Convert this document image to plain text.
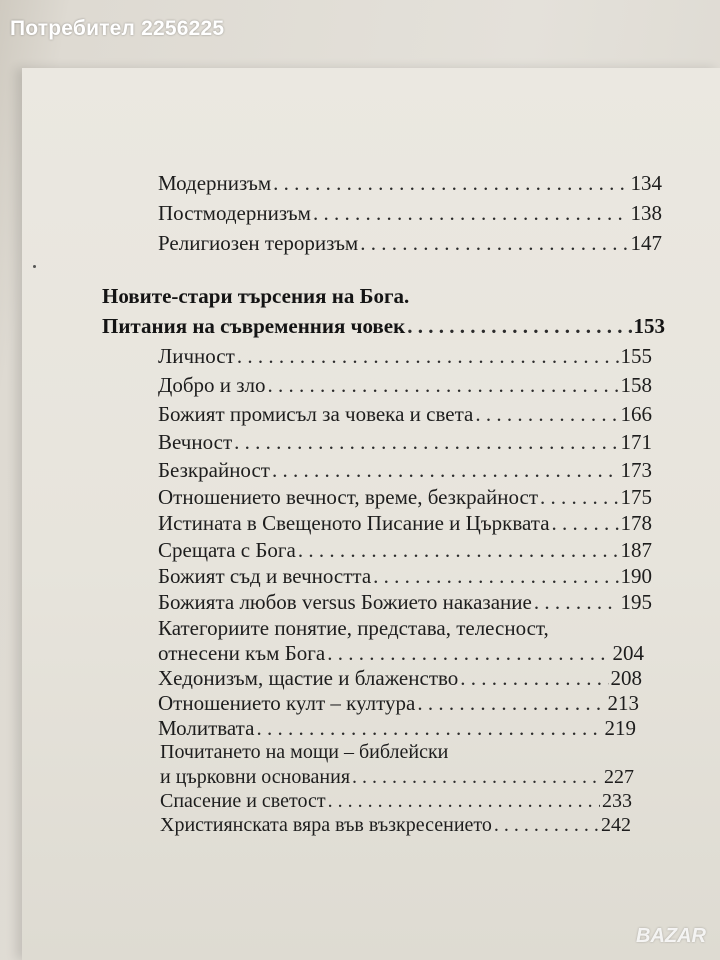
Потребител 2256225
Модернизъм . . .	134
Постмодернизъм . . .	138
Религиозен тероризъм . . .	147
Новите-стари търсения на Бога.
Питания на съвременния човек . . .	153
Личност . . .	155
Добро и зло . . .	158
Божият промисъл за човека и света . . .	166
Вечност . . .	171
Безкрайност . . .	173
Отношението вечност, време, безкрайност . . .	175
Истината в Свещеното Писание и Църквата . . .	178
Срещата с Бога . . .	187
Божият съд и вечността . . .	190
Божията любов versus Божието наказание . . .	195
Категориите понятие, представа, телесност,
отнесени към Бога . . .	204
Хедонизъм, щастие и блаженство . . .	208
Отношението култ – култура . . .	213
Молитвата . . .	219
Почитането на мощи – библейски
и църковни основания . . .	227
Спасение и светост . . .	233
Християнската вяра във възкресението . . .	242
BAZAR
